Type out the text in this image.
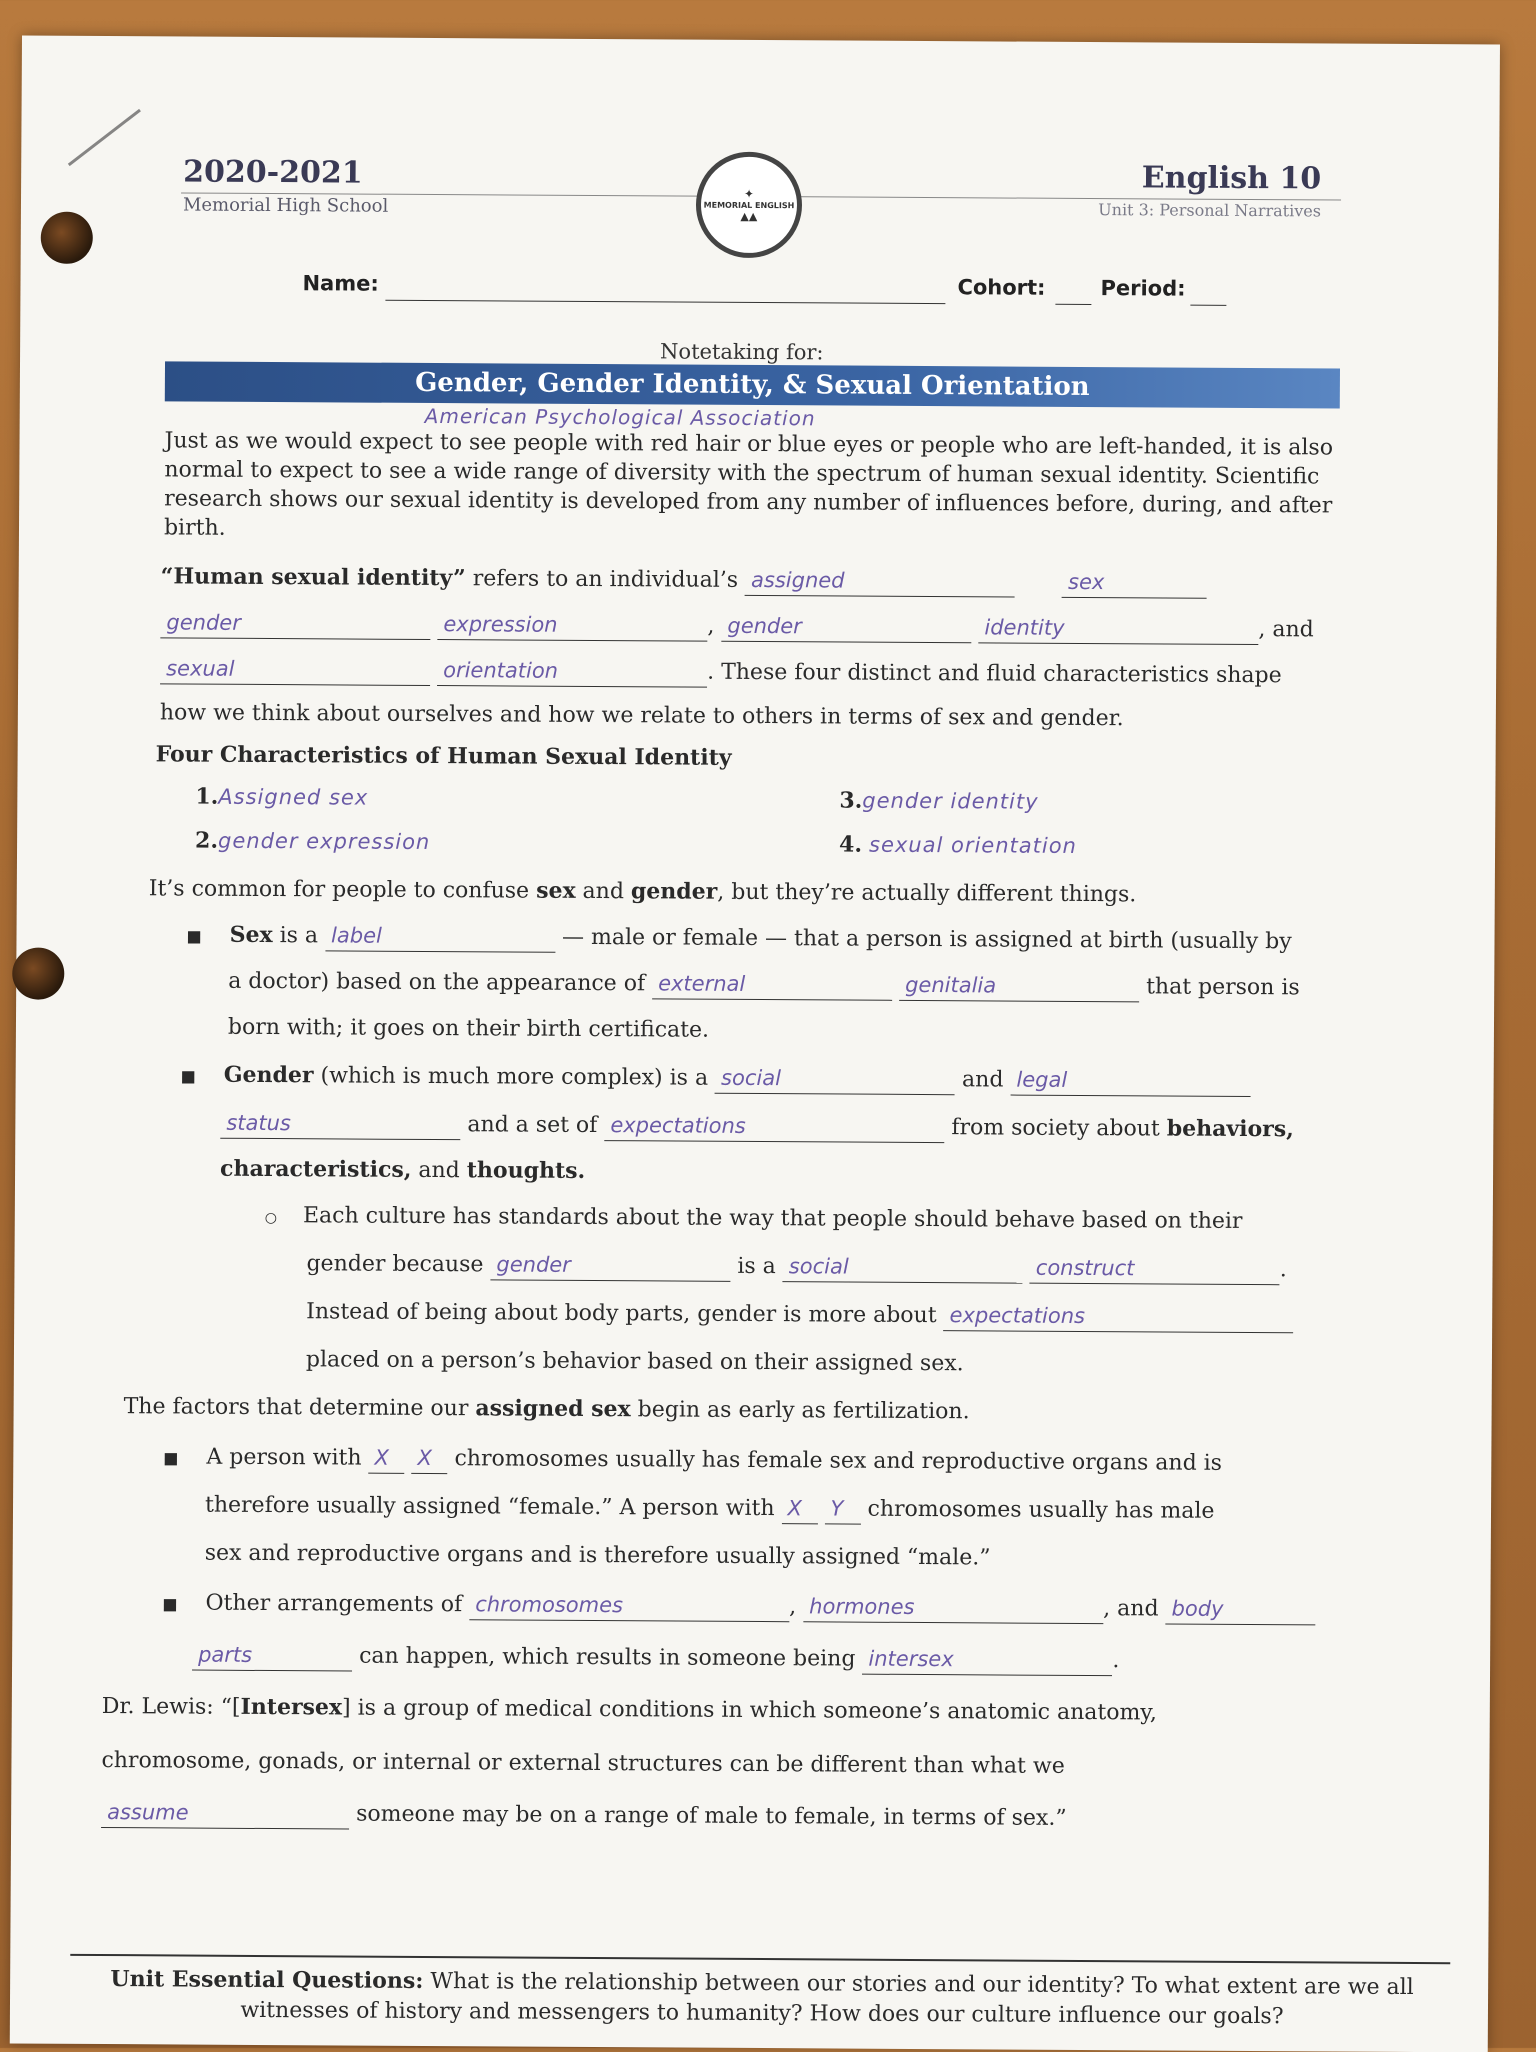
2020-2021
Memorial High School
✦
MEMORIAL ENGLISH
▲▲
English 10
Unit 3: Personal Narratives
Name:	Cohort:	Period:
Notetaking for:
Gender, Gender Identity, & Sexual Orientation
American Psychological Association
Just as we would expect to see people with red hair or blue eyes or people who are left-handed, it is also normal to expect to see a wide range of diversity with the spectrum of human sexual identity. Scientific research shows our sexual identity is developed from any number of influences before, during, and after birth.
“Human sexual identity” refers to an individual’s assigned	sex
gender	expression	, gender	identity	, and
sexual	orientation	. These four distinct and fluid characteristics shape
how we think about ourselves and how we relate to others in terms of sex and gender.
Four Characteristics of Human Sexual Identity
1.Assigned sex
2.gender expression
3.gender identity
4. sexual orientation
It’s common for people to confuse sex and gender, but they’re actually different things.
■ Sex is a label	— male or female — that a person is assigned at birth (usually by
a doctor) based on the appearance of external	genitalia	that person is
born with; it goes on their birth certificate.
■ Gender (which is much more complex) is a social	and legal
status	and a set of expectations	from society about behaviors,
characteristics, and thoughts.
○ Each culture has standards about the way that people should behave based on their
gender because gender	is a social	construct	.
Instead of being about body parts, gender is more about expectations
placed on a person’s behavior based on their assigned sex.
The factors that determine our assigned sex begin as early as fertilization.
■ A person with X X chromosomes usually has female sex and reproductive organs and is
therefore usually assigned “female.” A person with X Y chromosomes usually has male
sex and reproductive organs and is therefore usually assigned “male.”
■ Other arrangements of chromosomes	, hormones	, and body
parts	can happen, which results in someone being intersex	.
Dr. Lewis: “[Intersex] is a group of medical conditions in which someone’s anatomic anatomy,
chromosome, gonads, or internal or external structures can be different than what we
assume	someone may be on a range of male to female, in terms of sex.”
Unit Essential Questions: What is the relationship between our stories and our identity? To what extent are we all witnesses of history and messengers to humanity? How does our culture influence our goals?
